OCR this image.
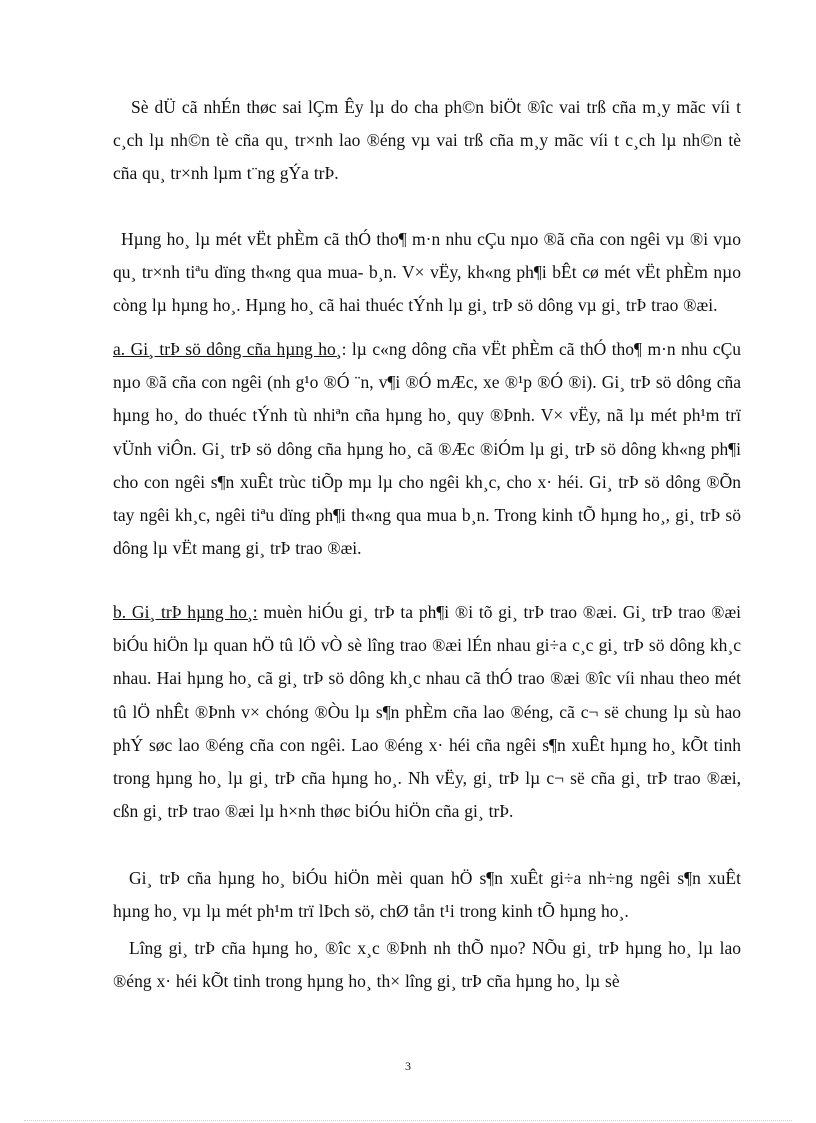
Sè dÜ cã nhÉn thøc sai lÇm Êy lµ do cha ph©n biÖt ®îc vai trß cña m¸y mãc víi t c¸ch lµ nh©n tè cña qu¸ tr×nh lao ®éng vµ vai trß cña m¸y mãc víi t c¸ch lµ nh©n tè cña qu¸ tr×nh lµm t¨ng gÝa trÞ.

Hµng ho¸ lµ mét vËt phÈm cã thÓ tho¶ m·n nhu cÇu nµo ®ã cña con ngêi vµ ®i vµo qu¸ tr×nh tiªu dïng th«ng qua mua- b¸n. V× vËy, kh«ng ph¶i bÊt cø mét vËt phÈm nµo còng lµ hµng ho¸. Hµng ho¸ cã hai thuéc tÝnh lµ gi¸ trÞ sö dông vµ gi¸ trÞ trao ®æi.

a. Gi¸ trÞ sö dông cña hµng ho¸: lµ c«ng dông cña vËt phÈm cã thÓ tho¶ m·n nhu cÇu nµo ®ã cña con ngêi (nh g¹o ®Ó ¨n, v¶i ®Ó mÆc, xe ®¹p ®Ó ®i). Gi¸ trÞ sö dông cña hµng ho¸ do thuéc tÝnh tù nhiªn cña hµng ho¸ quy ®Þnh. V× vËy, nã lµ mét ph¹m trï vÜnh viÔn. Gi¸ trÞ sö dông cña hµng ho¸ cã ®Æc ®iÓm lµ gi¸ trÞ sö dông kh«ng ph¶i cho con ngêi s¶n xuÊt trùc tiÕp mµ lµ cho ngêi kh¸c, cho x· héi. Gi¸ trÞ sö dông ®Õn tay ngêi kh¸c, ngêi tiªu dïng ph¶i th«ng qua mua b¸n. Trong kinh tÕ hµng ho¸, gi¸ trÞ sö dông lµ vËt mang gi¸ trÞ trao ®æi.

b. Gi¸ trÞ hµng ho¸: muèn hiÓu gi¸ trÞ ta ph¶i ®i tõ gi¸ trÞ trao ®æi. Gi¸ trÞ trao ®æi biÓu hiÖn lµ quan hÖ tû lÖ vÒ sè lîng trao ®æi lÉn nhau gi÷a c¸c gi¸ trÞ sö dông kh¸c nhau. Hai hµng ho¸ cã gi¸ trÞ sö dông kh¸c nhau cã thÓ trao ®æi ®îc víi nhau theo mét tû lÖ nhÊt ®Þnh v× chóng ®Òu lµ s¶n phÈm cña lao ®éng, cã c¬ së chung lµ sù hao phÝ søc lao ®éng cña con ngêi. Lao ®éng x· héi cña ngêi s¶n xuÊt hµng ho¸ kÕt tinh trong hµng ho¸ lµ gi¸ trÞ cña hµng ho¸. Nh vËy, gi¸ trÞ lµ c¬ së cña gi¸ trÞ trao ®æi, cßn gi¸ trÞ trao ®æi lµ h×nh thøc biÓu hiÖn cña gi¸ trÞ.

Gi¸ trÞ cña hµng ho¸ biÓu hiÖn mèi quan hÖ s¶n xuÊt gi÷a nh÷ng ngêi s¶n xuÊt hµng ho¸ vµ lµ mét ph¹m trï lÞch sö, chØ tån t¹i trong kinh tÕ hµng ho¸.

Lîng gi¸ trÞ cña hµng ho¸ ®îc x¸c ®Þnh nh thÕ nµo? NÕu gi¸ trÞ hµng ho¸ lµ lao ®éng x· héi kÕt tinh trong hµng ho¸ th× lîng gi¸ trÞ cña hµng ho¸ lµ sè

3
